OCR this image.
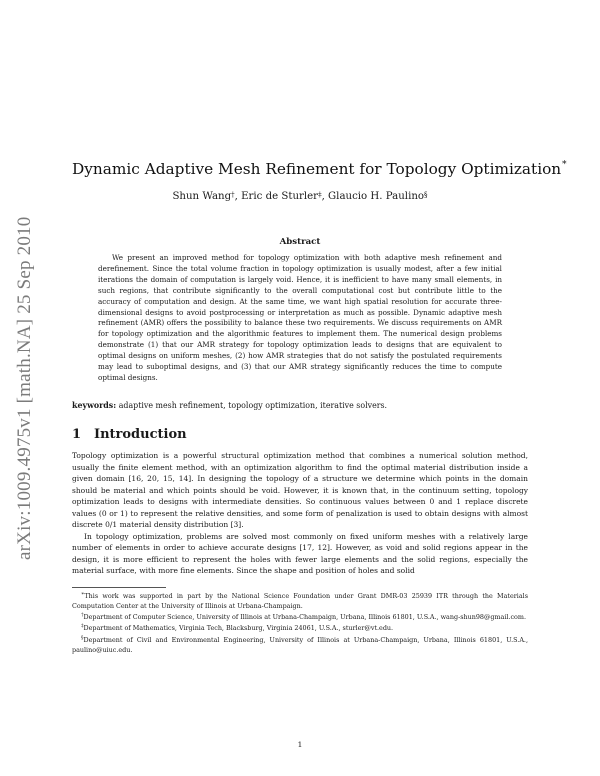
arXiv:1009.4975v1 [math.NA] 25 Sep 2010
Dynamic Adaptive Mesh Refinement for Topology Optimization∗
Shun Wang†, Eric de Sturler‡, Glaucio H. Paulino§
Abstract

We present an improved method for topology optimization with both adaptive mesh refinement and derefinement. Since the total volume fraction in topology optimization is usually modest, after a few initial iterations the domain of computation is largely void. Hence, it is inefficient to have many small elements, in such regions, that contribute significantly to the overall computational cost but contribute little to the accuracy of computation and design. At the same time, we want high spatial resolution for accurate three-dimensional designs to avoid postprocessing or interpretation as much as possible. Dynamic adaptive mesh refinement (AMR) offers the possibility to balance these two requirements. We discuss requirements on AMR for topology optimization and the algorithmic features to implement them. The numerical design problems demonstrate (1) that our AMR strategy for topology optimization leads to designs that are equivalent to optimal designs on uniform meshes, (2) how AMR strategies that do not satisfy the postulated requirements may lead to suboptimal designs, and (3) that our AMR strategy significantly reduces the time to compute optimal designs.

keywords: adaptive mesh refinement, topology optimization, iterative solvers.
1 Introduction

Topology optimization is a powerful structural optimization method that combines a numerical solution method, usually the finite element method, with an optimization algorithm to find the optimal material distribution inside a given domain [16, 20, 15, 14]. In designing the topology of a structure we determine which points in the domain should be material and which points should be void. However, it is known that, in the continuum setting, topology optimization leads to designs with intermediate densities. So continuous values between 0 and 1 replace discrete values (0 or 1) to represent the relative densities, and some form of penalization is used to obtain designs with almost discrete 0/1 material density distribution [3].

In topology optimization, problems are solved most commonly on fixed uniform meshes with a relatively large number of elements in order to achieve accurate designs [17, 12]. However, as void and solid regions appear in the design, it is more efficient to represent the holes with fewer large elements and the solid regions, especially the material surface, with more fine elements. Since the shape and position of holes and solid

∗This work was supported in part by the National Science Foundation under Grant DMR-03 25939 ITR through the Materials Computation Center at the University of Illinois at Urbana-Champaign.

†Department of Computer Science, University of Illinois at Urbana-Champaign, Urbana, Illinois 61801, U.S.A., wang-shun98@gmail.com.

‡Department of Mathematics, Virginia Tech, Blacksburg, Virginia 24061, U.S.A., sturler@vt.edu.

§Department of Civil and Environmental Engineering, University of Illinois at Urbana-Champaign, Urbana, Illinois 61801, U.S.A., paulino@uiuc.edu.

1
